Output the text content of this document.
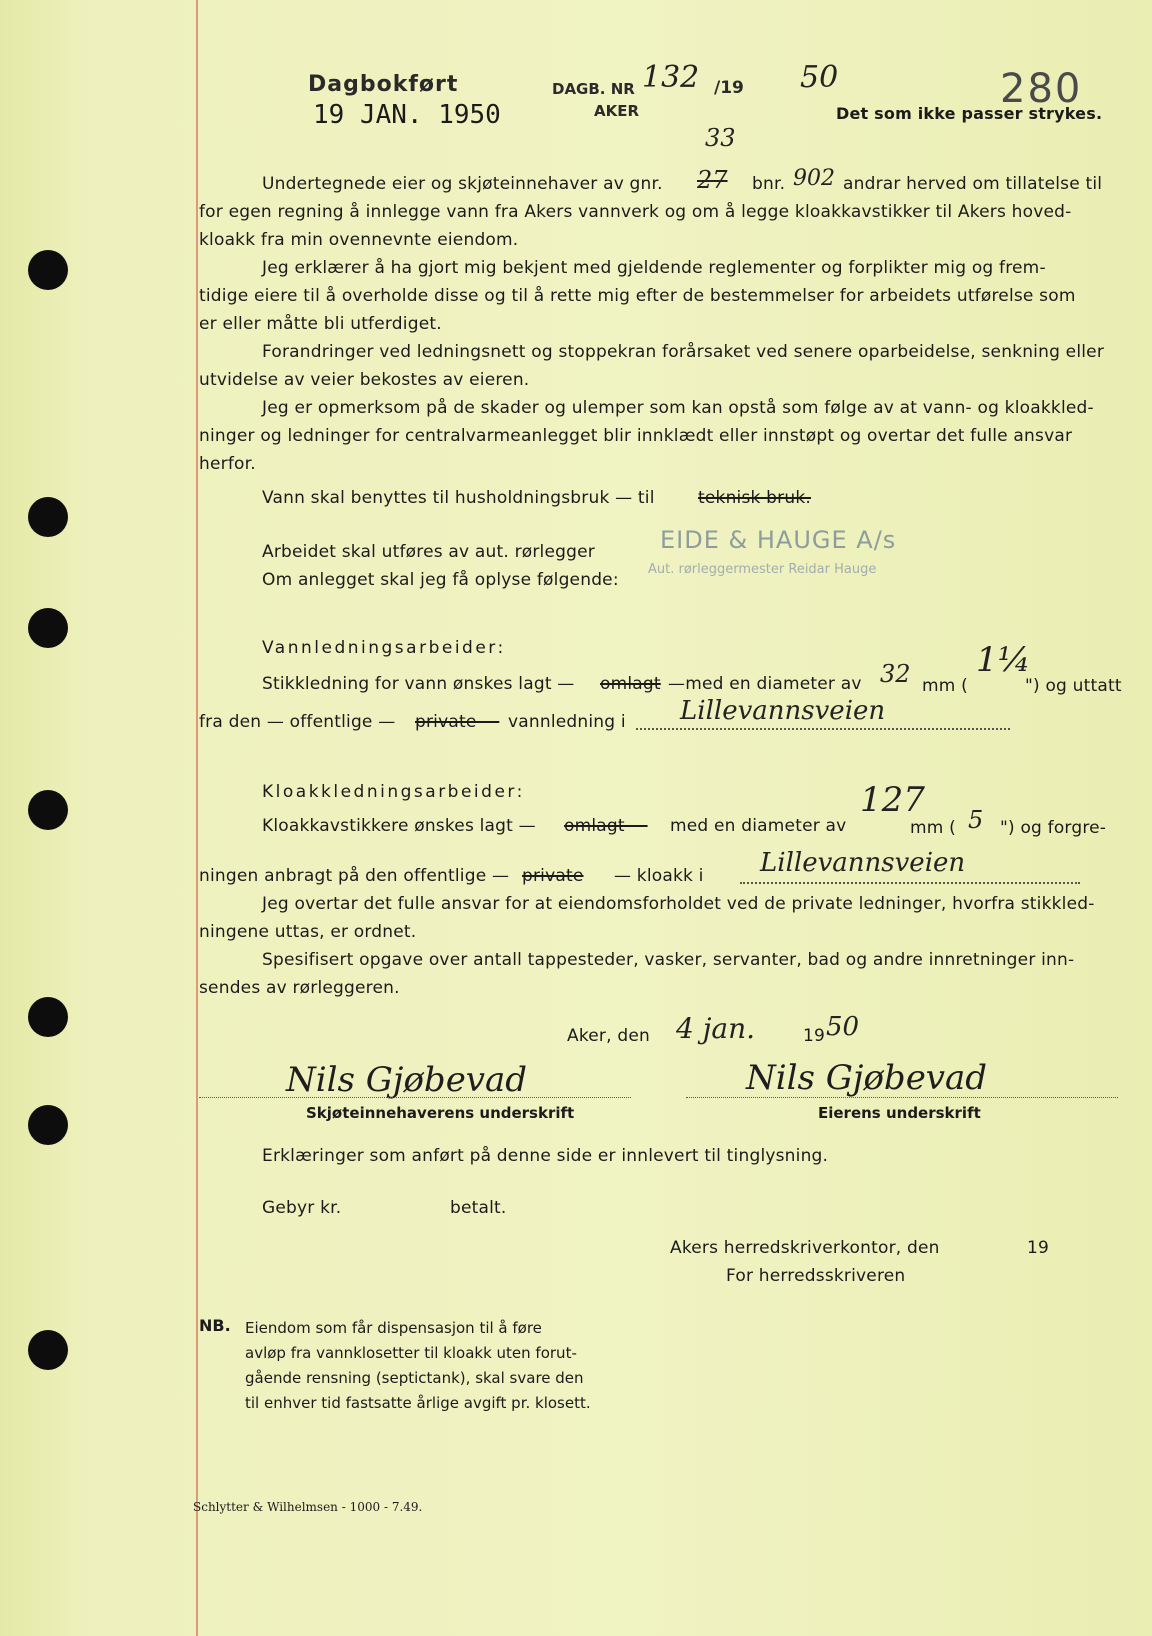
Dagbokført
19 JAN. 1950
DAGB. NR 132 /19 50
AKER	280
Det som ikke passer strykes.
33
Undertegnede eier og skjøteinnehaver av gnr. 27 bnr. 902 andrar herved om tillatelse til
for egen regning å innlegge vann fra Akers vannverk og om å legge kloakkavstikker til Akers hoved-
kloakk fra min ovennevnte eiendom.
Jeg erklærer å ha gjort mig bekjent med gjeldende reglementer og forplikter mig og frem-
tidige eiere til å overholde disse og til å rette mig efter de bestemmelser for arbeidets utførelse som
er eller måtte bli utferdiget.
Forandringer ved ledningsnett og stoppekran forårsaket ved senere oparbeidelse, senkning eller
utvidelse av veier bekostes av eieren.
Jeg er opmerksom på de skader og ulemper som kan opstå som følge av at vann- og kloakkled-
ninger og ledninger for centralvarmeanlegget blir innklædt eller innstøpt og overtar det fulle ansvar
herfor.
Vann skal benyttes til husholdningsbruk — til	teknisk bruk.
Arbeidet skal utføres av aut. rørlegger	EIDE & HAUGE A/s
Om anlegget skal jeg få oplyse følgende:
Aut. rørleggermester Reidar Hauge
Vannledningsarbeider:
Stikkledning for vann ønskes lagt — omlagt —med en diameter av 32 mm (
1¼
") og uttatt
fra den — offentlige — private — vannledning i Lillevannsveien
Kloakkledningsarbeider:
Kloakkavstikkere ønskes lagt — omlagt — med en diameter av
127
mm ( 5 ") og forgre-
ningen anbragt på den offentlige — private — kloakk i Lillevannsveien
Jeg overtar det fulle ansvar for at eiendomsforholdet ved de private ledninger, hvorfra stikkled-
ningene uttas, er ordnet.
Spesifisert opgave over antall tappesteder, vasker, servanter, bad og andre innretninger inn-
sendes av rørleggeren.
Aker, den 4 jan.	19 50
Nils Gjøbevad	Nils Gjøbevad
Skjøteinnehaverens underskrift	Eierens underskrift
Erklæringer som anført på denne side er innlevert til tinglysning.
Gebyr kr.	betalt.
Akers herredskriverkontor, den	19
For herredsskriveren
NB. Eiendom som får dispensasjon til å føre
avløp fra vannklosetter til kloakk uten forut-
gående rensning (septictank), skal svare den
til enhver tid fastsatte årlige avgift pr. klosett.
Schlytter & Wilhelmsen - 1000 - 7.49.
